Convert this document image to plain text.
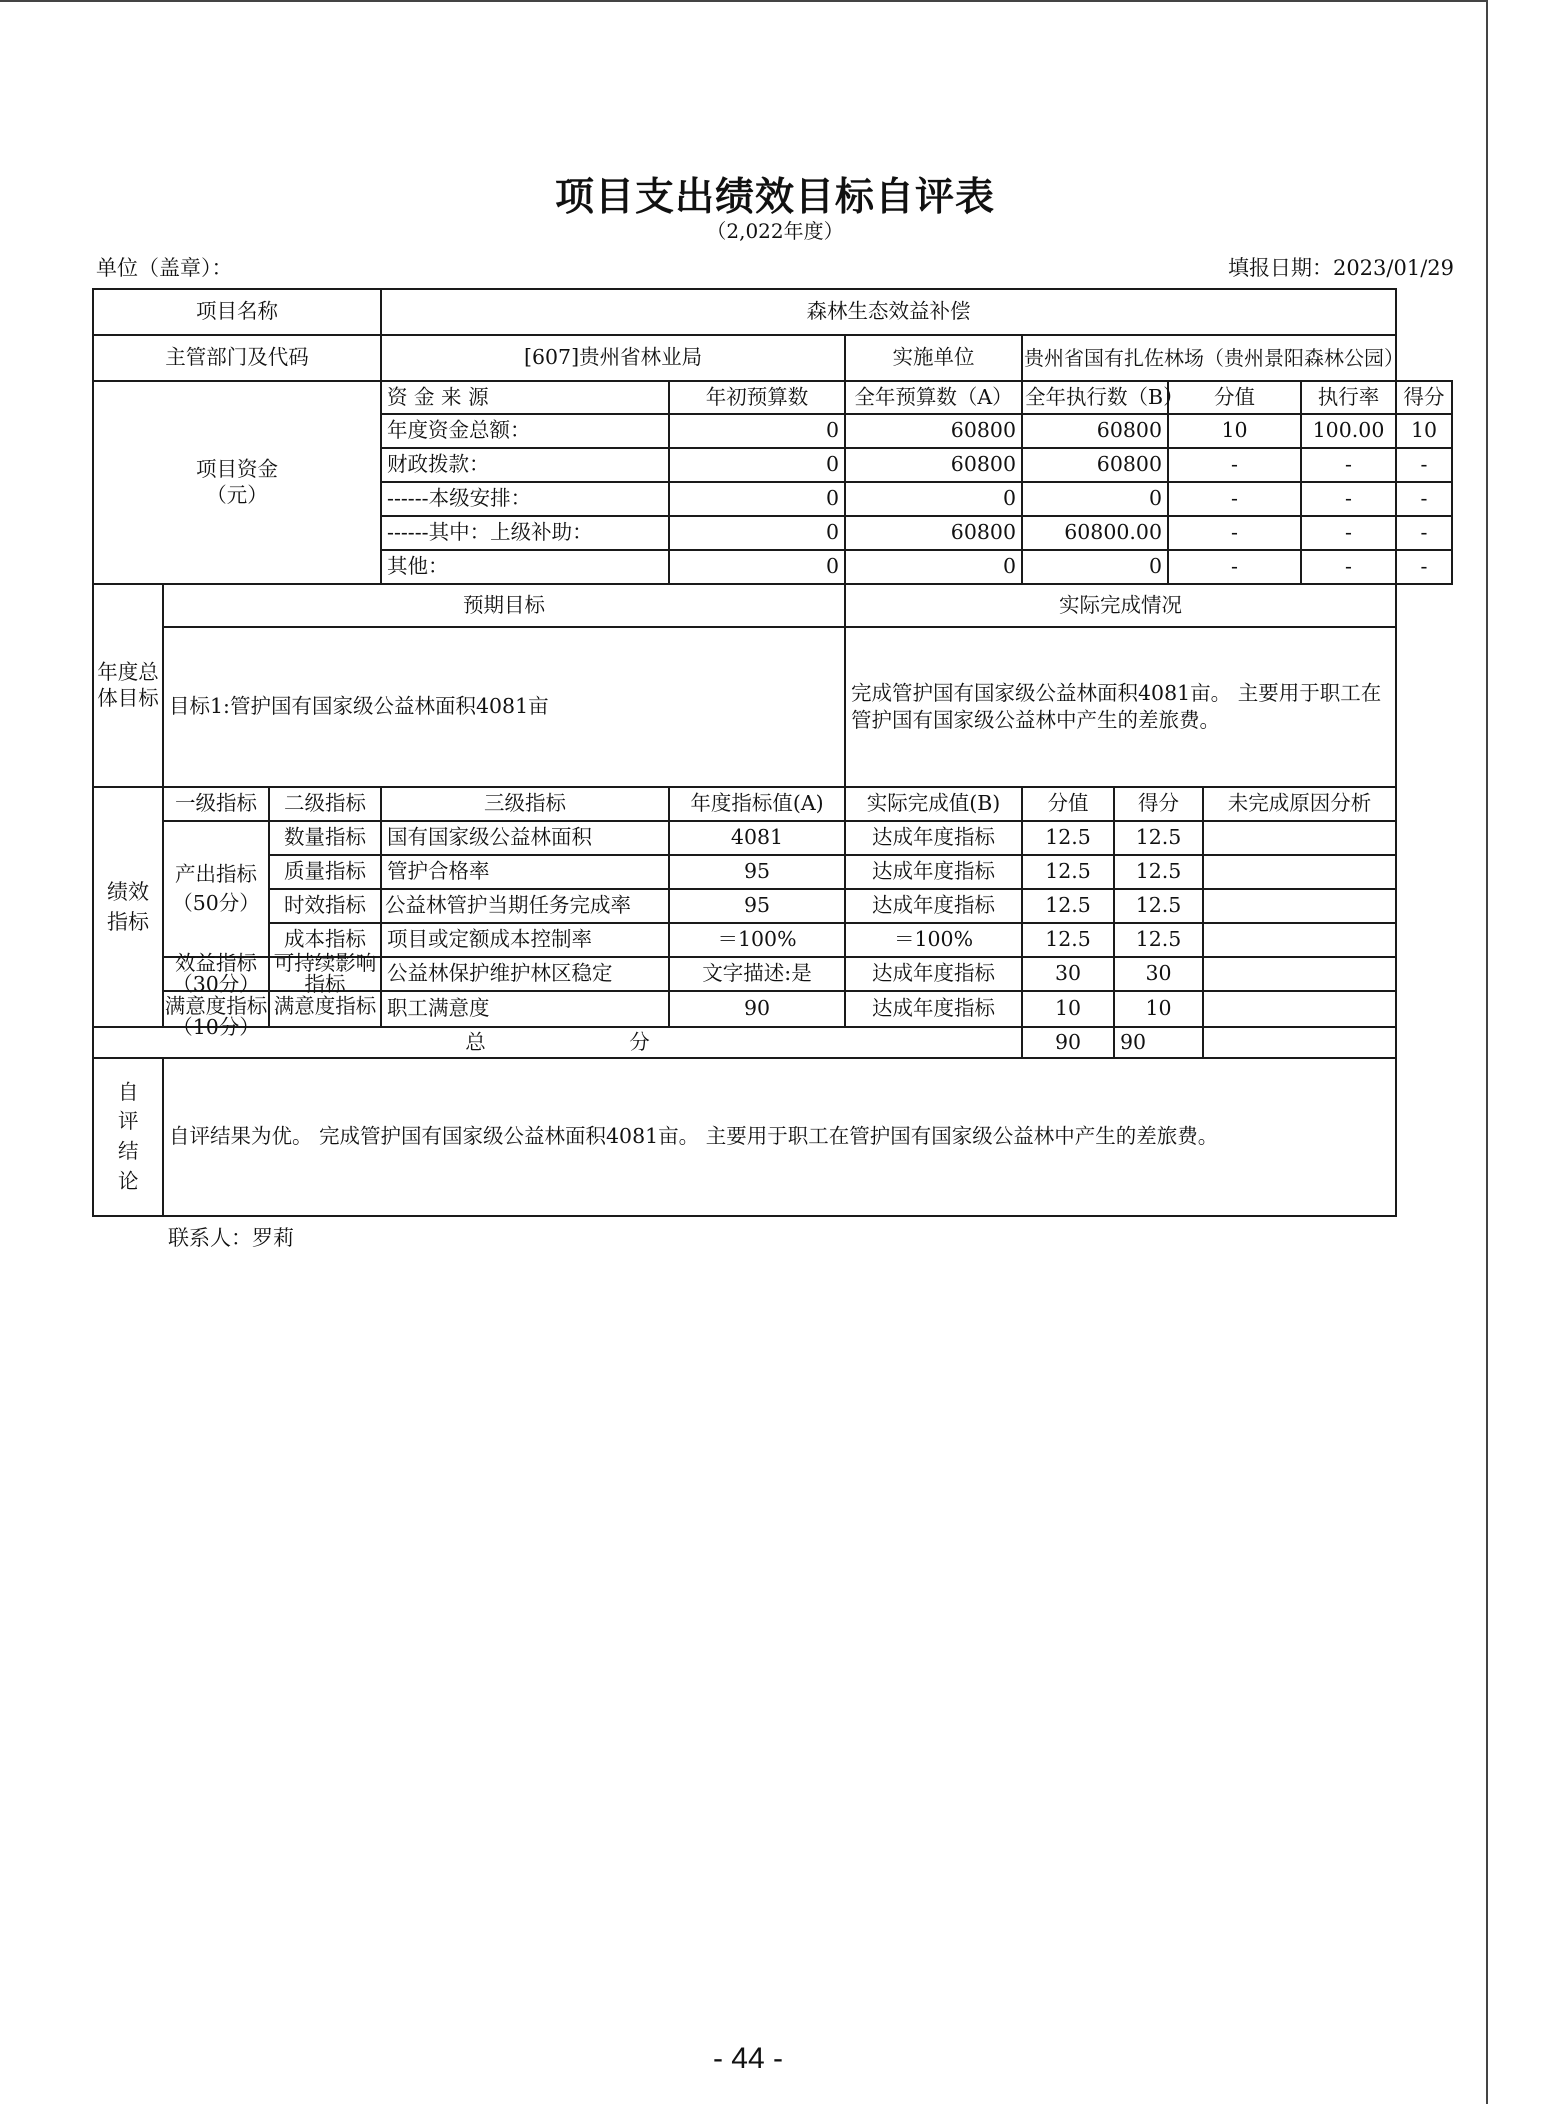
项目支出绩效目标自评表
（2,022年度）
单位（盖章）：	填报日期：2023/01/29
项目名称			森林生态效益补偿								
主管部门及代码			[607]贵州省林业局		实施单位	贵州省国有扎佐林场（贵州景阳森林公园）					
项目资金
（元）			资 金 来 源	年初预算数	全年预算数（A）	全年执行数（B）		分值		执行率	得分
			年度资金总额：	0	60800	60800		10		100.00	10
			财政拨款：	0	60800	60800		-		-	-
			------本级安排：	0	0	0		-		-	-
			------其中：上级补助：	0	60800	60800.00		-		-	-
			其他：	0	0	0		-		-	-
年度总体目标	预期目标				实际完成情况						
	目标1:管护国有国家级公益林面积4081亩				完成管护国有国家级公益林面积4081亩。 主要用于职工在管护国有国家级公益林中产生的差旅费。						
绩效指标	一级指标	二级指标	三级指标	年度指标值(A)	实际完成值(B)	分值	得分		未完成原因分析		
	产出指标（50分）	数量指标	国有国家级公益林面积	4081	达成年度指标	12.5	12.5				
		质量指标	管护合格率	95	达成年度指标	12.5	12.5				
		时效指标	公益林管护当期任务完成率	95	达成年度指标	12.5	12.5				
		成本指标	项目或定额成本控制率	＝100%	＝100%	12.5	12.5				

	效益指标（30分）	可持续影响指标	公益林保护维护林区稳定	文字描述:是	达成年度指标	30	30				

	满意度指标（10分）	满意度指标	职工满意度	90	达成年度指标	10	10				
总　　　　　　　分						90	90				
自评结论	自评结果为优。 完成管护国有国家级公益林面积4081亩。 主要用于职工在管护国有国家级公益林中产生的差旅费。										
联系人：罗莉
- 44 -
